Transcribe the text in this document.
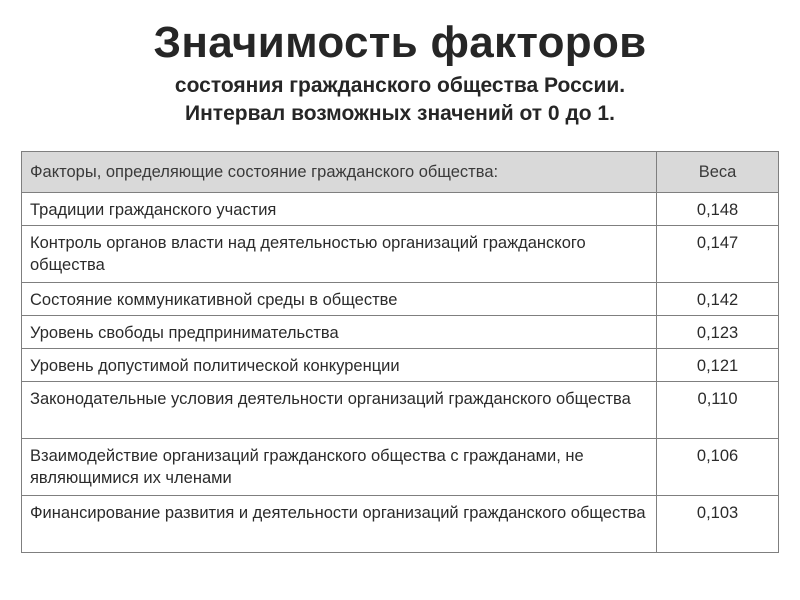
Значимость факторов
состояния гражданского общества России.
Интервал возможных значений от 0 до 1.
Факторы, определяющие состояние гражданского общества:	Веса
Традиции гражданского участия	0,148
Контроль органов власти над деятельностью организаций гражданского общества	0,147
Состояние коммуникативной среды в обществе	0,142
Уровень свободы предпринимательства	0,123
Уровень допустимой политической конкуренции	0,121
Законодательные условия деятельности организаций гражданского общества	0,110
Взаимодействие организаций гражданского общества с гражданами, не являющимися их членами	0,106
Финансирование развития и деятельности организаций гражданского общества	0,103
